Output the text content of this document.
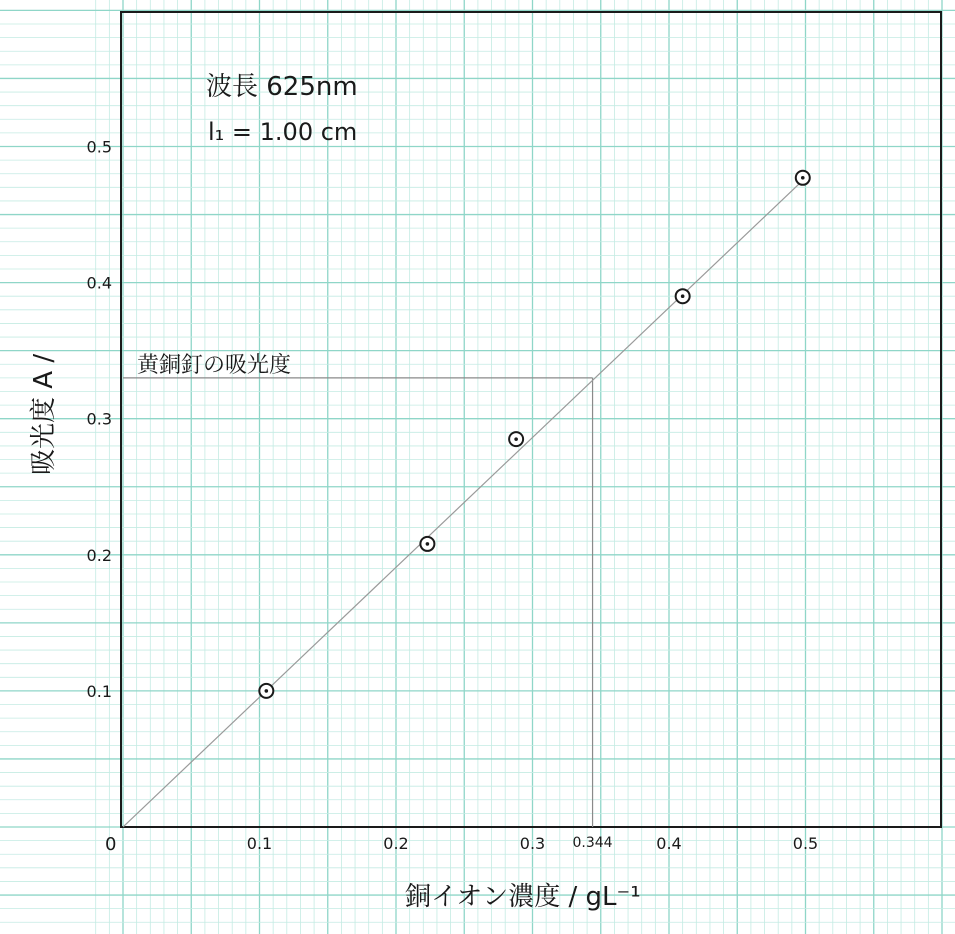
0.344
0.1
0.2
0.3
0.4
0.5
0.1	0.2	0.3	0.4	0.5
波長 625nm
l₁ = 1.00 cm
黄銅釘の吸光度
0
銅イオン濃度 / gL⁻¹
吸光度 A /
